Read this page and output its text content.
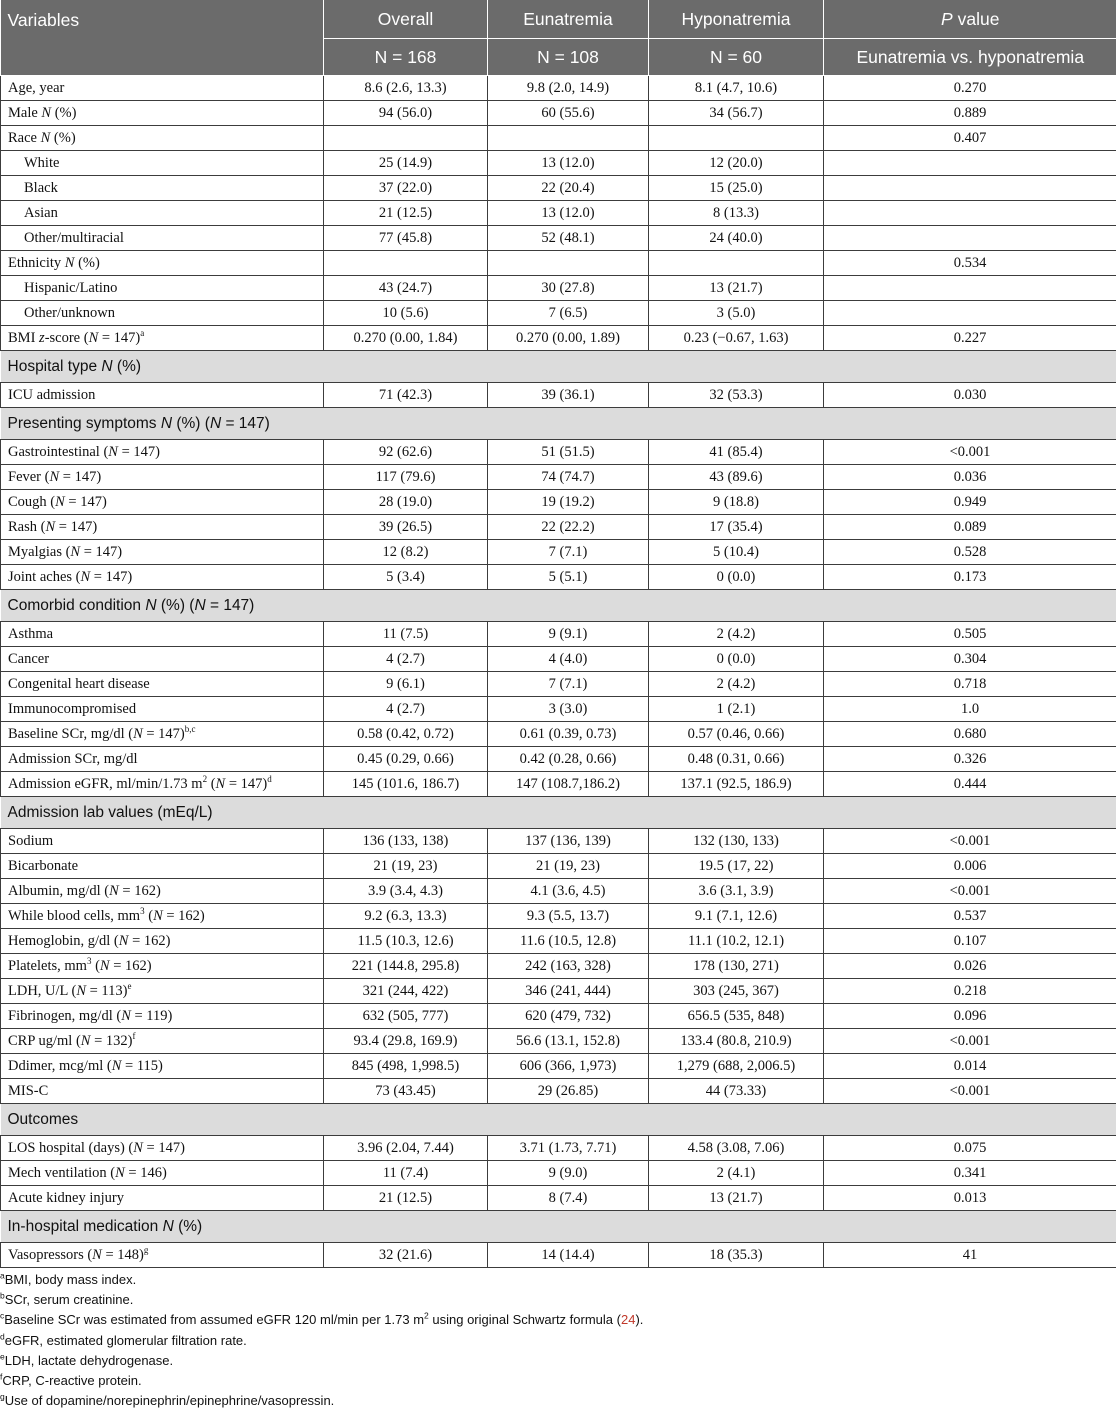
Variables	Overall	Eunatremia	Hyponatremia	P value
	N = 168	N = 108	N = 60	Eunatremia vs. hyponatremia
Age, year	8.6 (2.6, 13.3)	9.8 (2.0, 14.9)	8.1 (4.7, 10.6)	0.270
Male N (%)	94 (56.0)	60 (55.6)	34 (56.7)	0.889
Race N (%)				0.407
White	25 (14.9)	13 (12.0)	12 (20.0)	
Black	37 (22.0)	22 (20.4)	15 (25.0)	
Asian	21 (12.5)	13 (12.0)	8 (13.3)	
Other/multiracial	77 (45.8)	52 (48.1)	24 (40.0)	
Ethnicity N (%)				0.534
Hispanic/Latino	43 (24.7)	30 (27.8)	13 (21.7)	
Other/unknown	10 (5.6)	7 (6.5)	3 (5.0)	
BMI z-score (N = 147)$^a$	0.270 (0.00, 1.84)	0.270 (0.00, 1.89)	0.23 (−0.67, 1.63)	0.227
Hospital type N (%)				
ICU admission	71 (42.3)	39 (36.1)	32 (53.3)	0.030
Presenting symptoms N (%) (N = 147)				
Gastrointestinal (N = 147)	92 (62.6)	51 (51.5)	41 (85.4)	<0.001
Fever (N = 147)	117 (79.6)	74 (74.7)	43 (89.6)	0.036
Cough (N = 147)	28 (19.0)	19 (19.2)	9 (18.8)	0.949
Rash (N = 147)	39 (26.5)	22 (22.2)	17 (35.4)	0.089
Myalgias (N = 147)	12 (8.2)	7 (7.1)	5 (10.4)	0.528
Joint aches (N = 147)	5 (3.4)	5 (5.1)	0 (0.0)	0.173
Comorbid condition N (%) (N = 147)				
Asthma	11 (7.5)	9 (9.1)	2 (4.2)	0.505
Cancer	4 (2.7)	4 (4.0)	0 (0.0)	0.304
Congenital heart disease	9 (6.1)	7 (7.1)	2 (4.2)	0.718
Immunocompromised	4 (2.7)	3 (3.0)	1 (2.1)	1.0
Baseline SCr, mg/dl (N = 147)$^{b,c}$	0.58 (0.42, 0.72)	0.61 (0.39, 0.73)	0.57 (0.46, 0.66)	0.680
Admission SCr, mg/dl	0.45 (0.29, 0.66)	0.42 (0.28, 0.66)	0.48 (0.31, 0.66)	0.326
Admission eGFR, ml/min/1.73 $m^2$ (N = 147)$^d$	145 (101.6, 186.7)	147 (108.7,186.2)	137.1 (92.5, 186.9)	0.444
Admission lab values (mEq/L)				
Sodium	136 (133, 138)	137 (136, 139)	132 (130, 133)	<0.001
Bicarbonate	21 (19, 23)	21 (19, 23)	19.5 (17, 22)	0.006
Albumin, mg/dl (N = 162)	3.9 (3.4, 4.3)	4.1 (3.6, 4.5)	3.6 (3.1, 3.9)	<0.001
While blood cells, $mm^3$ (N = 162)	9.2 (6.3, 13.3)	9.3 (5.5, 13.7)	9.1 (7.1, 12.6)	0.537
Hemoglobin, g/dl (N = 162)	11.5 (10.3, 12.6)	11.6 (10.5, 12.8)	11.1 (10.2, 12.1)	0.107
Platelets, $mm^3$ (N = 162)	221 (144.8, 295.8)	242 (163, 328)	178 (130, 271)	0.026
LDH, U/L (N = 113)$^e$	321 (244, 422)	346 (241, 444)	303 (245, 367)	0.218
Fibrinogen, mg/dl (N = 119)	632 (505, 777)	620 (479, 732)	656.5 (535, 848)	0.096
CRP ug/ml (N = 132)$^f$	93.4 (29.8, 169.9)	56.6 (13.1, 152.8)	133.4 (80.8, 210.9)	<0.001
Ddimer, mcg/ml (N = 115)	845 (498, 1,998.5)	606 (366, 1,973)	1,279 (688, 2,006.5)	0.014
MIS-C	73 (43.45)	29 (26.85)	44 (73.33)	<0.001
Outcomes				
LOS hospital (days) (N = 147)	3.96 (2.04, 7.44)	3.71 (1.73, 7.71)	4.58 (3.08, 7.06)	0.075
Mech ventilation (N = 146)	11 (7.4)	9 (9.0)	2 (4.1)	0.341
Acute kidney injury	21 (12.5)	8 (7.4)	13 (21.7)	0.013
In-hospital medication N (%)				
Vasopressors (N = 148)$^g$	32 (21.6)	14 (14.4)	18 (35.3)	41
$^a$BMI, body mass index.
$^b$SCr, serum creatinine.
$^c$Baseline SCr was estimated from assumed eGFR 120 ml/min per 1.73 $m^2$ using original Schwartz formula (24).
$^d$eGFR, estimated glomerular filtration rate.
$^e$LDH, lactate dehydrogenase.
$^f$CRP, C-reactive protein.
$^g$Use of dopamine/norepinephrin/epinephrine/vasopressin.
